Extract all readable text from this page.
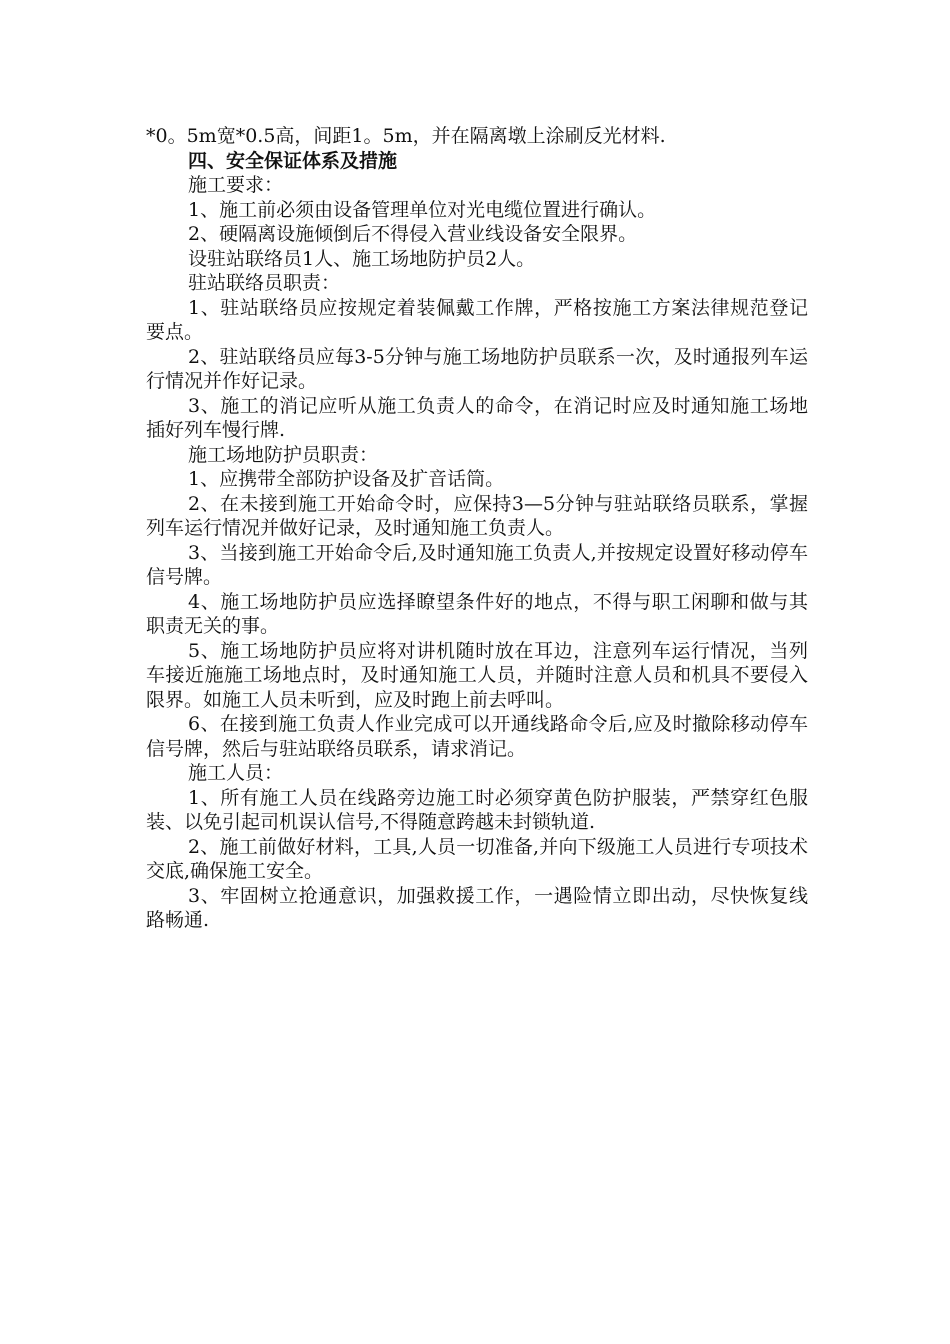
*0。5m宽*0.5高，间距1。5m，并在隔离墩上涂刷反光材料.

四、安全保证体系及措施

施工要求：

1、施工前必须由设备管理单位对光电缆位置进行确认。

2、硬隔离设施倾倒后不得侵入营业线设备安全限界。

设驻站联络员1人、施工场地防护员2人。

驻站联络员职责：

1、驻站联络员应按规定着装佩戴工作牌，严格按施工方案法律规范登记要点。

2、驻站联络员应每3-5分钟与施工场地防护员联系一次，及时通报列车运行情况并作好记录。

3、施工的消记应听从施工负责人的命令，在消记时应及时通知施工场地插好列车慢行牌.

施工场地防护员职责：

1、应携带全部防护设备及扩音话筒。

2、在未接到施工开始命令时，应保持3—5分钟与驻站联络员联系，掌握列车运行情况并做好记录，及时通知施工负责人。

3、当接到施工开始命令后,及时通知施工负责人,并按规定设置好移动停车信号牌。

4、施工场地防护员应选择瞭望条件好的地点，不得与职工闲聊和做与其职责无关的事。

5、施工场地防护员应将对讲机随时放在耳边，注意列车运行情况，当列车接近施施工场地点时，及时通知施工人员，并随时注意人员和机具不要侵入限界。如施工人员未听到，应及时跑上前去呼叫。

6、在接到施工负责人作业完成可以开通线路命令后,应及时撤除移动停车信号牌，然后与驻站联络员联系，请求消记。

施工人员：

1、所有施工人员在线路旁边施工时必须穿黄色防护服装，严禁穿红色服装、以免引起司机误认信号,不得随意跨越未封锁轨道.

2、施工前做好材料，工具,人员一切准备,并向下级施工人员进行专项技术交底,确保施工安全。

3、牢固树立抢通意识，加强救援工作，一遇险情立即出动，尽快恢复线路畅通.
